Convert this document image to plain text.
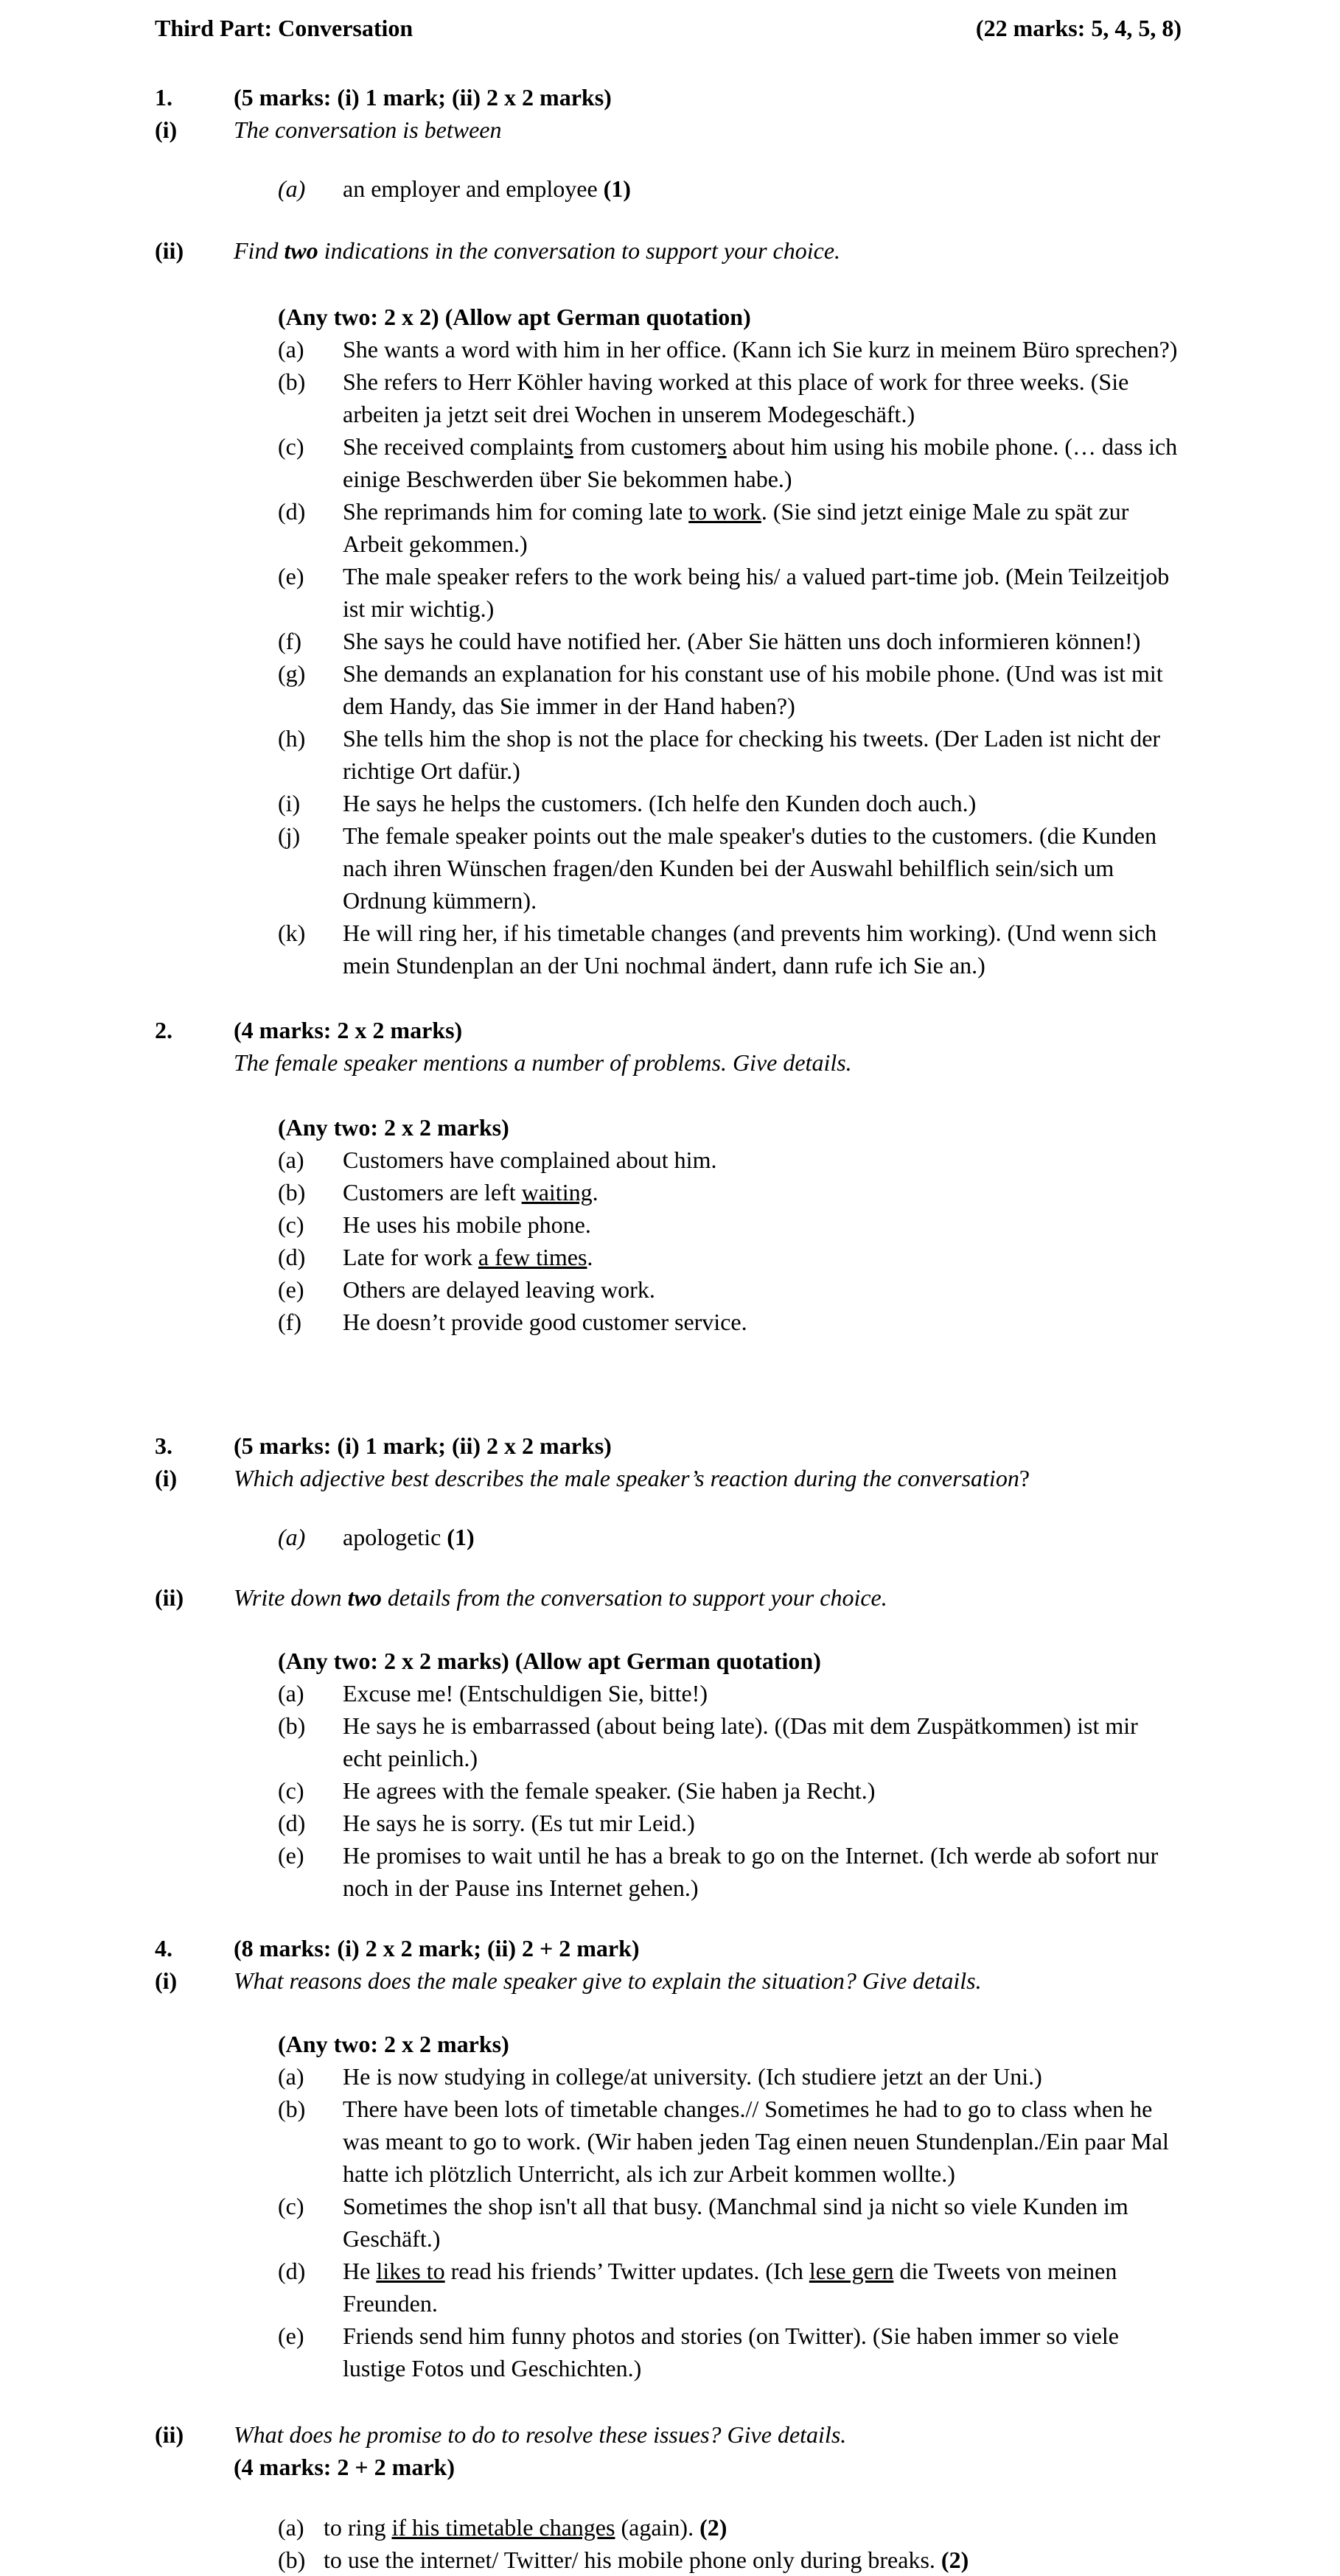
Third Part: Conversation	(22 marks: 5, 4, 5, 8)
1.	(5 marks: (i) 1 mark; (ii) 2 x 2 marks)
(i)	The conversation is between
(a)	an employer and employee (1)
(ii)	Find two indications in the conversation to support your choice.
(Any two: 2 x 2) (Allow apt German quotation)
(a)	She wants a word with him in her office. (Kann ich Sie kurz in meinem Büro sprechen?)
(b)	She refers to Herr Köhler having worked at this place of work for three weeks. (Sie arbeiten ja jetzt seit drei Wochen in unserem Modegeschäft.)
(c)	She received complaints from customers about him using his mobile phone. (… dass ich einige Beschwerden über Sie bekommen habe.)
(d)	She reprimands him for coming late to work. (Sie sind jetzt einige Male zu spät zur Arbeit gekommen.)
(e)	The male speaker refers to the work being his/ a valued part-time job. (Mein Teilzeitjob ist mir wichtig.)
(f)	She says he could have notified her. (Aber Sie hätten uns doch informieren können!)
(g)	She demands an explanation for his constant use of his mobile phone. (Und was ist mit dem Handy, das Sie immer in der Hand haben?)
(h)	She tells him the shop is not the place for checking his tweets. (Der Laden ist nicht der richtige Ort dafür.)
(i)	He says he helps the customers. (Ich helfe den Kunden doch auch.)
(j)	The female speaker points out the male speaker's duties to the customers. (die Kunden nach ihren Wünschen fragen/den Kunden bei der Auswahl behilflich sein/sich um Ordnung kümmern).
(k)	He will ring her, if his timetable changes (and prevents him working). (Und wenn sich mein Stundenplan an der Uni nochmal ändert, dann rufe ich Sie an.)
2.	(4 marks: 2 x 2 marks)
The female speaker mentions a number of problems. Give details.
(Any two: 2 x 2 marks)
(a)	Customers have complained about him.
(b)	Customers are left waiting.
(c)	He uses his mobile phone.
(d)	Late for work a few times.
(e)	Others are delayed leaving work.
(f)	He doesn’t provide good customer service.
3.	(5 marks: (i) 1 mark; (ii) 2 x 2 marks)
(i)	Which adjective best describes the male speaker’s reaction during the conversation?
(a)	apologetic (1)
(ii)	Write down two details from the conversation to support your choice.
(Any two: 2 x 2 marks) (Allow apt German quotation)
(a)	Excuse me! (Entschuldigen Sie, bitte!)
(b)	He says he is embarrassed (about being late). ((Das mit dem Zuspätkommen) ist mir echt peinlich.)
(c)	He agrees with the female speaker. (Sie haben ja Recht.)
(d)	He says he is sorry. (Es tut mir Leid.)
(e)	He promises to wait until he has a break to go on the Internet. (Ich werde ab sofort nur noch in der Pause ins Internet gehen.)
4.	(8 marks: (i) 2 x 2 mark; (ii) 2 + 2 mark)
(i)	What reasons does the male speaker give to explain the situation? Give details.
(Any two: 2 x 2 marks)
(a)	He is now studying in college/at university. (Ich studiere jetzt an der Uni.)
(b)	There have been lots of timetable changes.// Sometimes he had to go to class when he was meant to go to work. (Wir haben jeden Tag einen neuen Stundenplan./Ein paar Mal hatte ich plötzlich Unterricht, als ich zur Arbeit kommen wollte.)
(c)	Sometimes the shop isn't all that busy. (Manchmal sind ja nicht so viele Kunden im Geschäft.)
(d)	He likes to read his friends’ Twitter updates. (Ich lese gern die Tweets von meinen Freunden.
(e)	Friends send him funny photos and stories (on Twitter). (Sie haben immer so viele lustige Fotos und Geschichten.)
(ii)	What does he promise to do to resolve these issues? Give details.
(4 marks: 2 + 2 mark)
(a) to ring if his timetable changes (again). (2)
(b) to use the internet/ Twitter/ his mobile phone only during breaks. (2)
